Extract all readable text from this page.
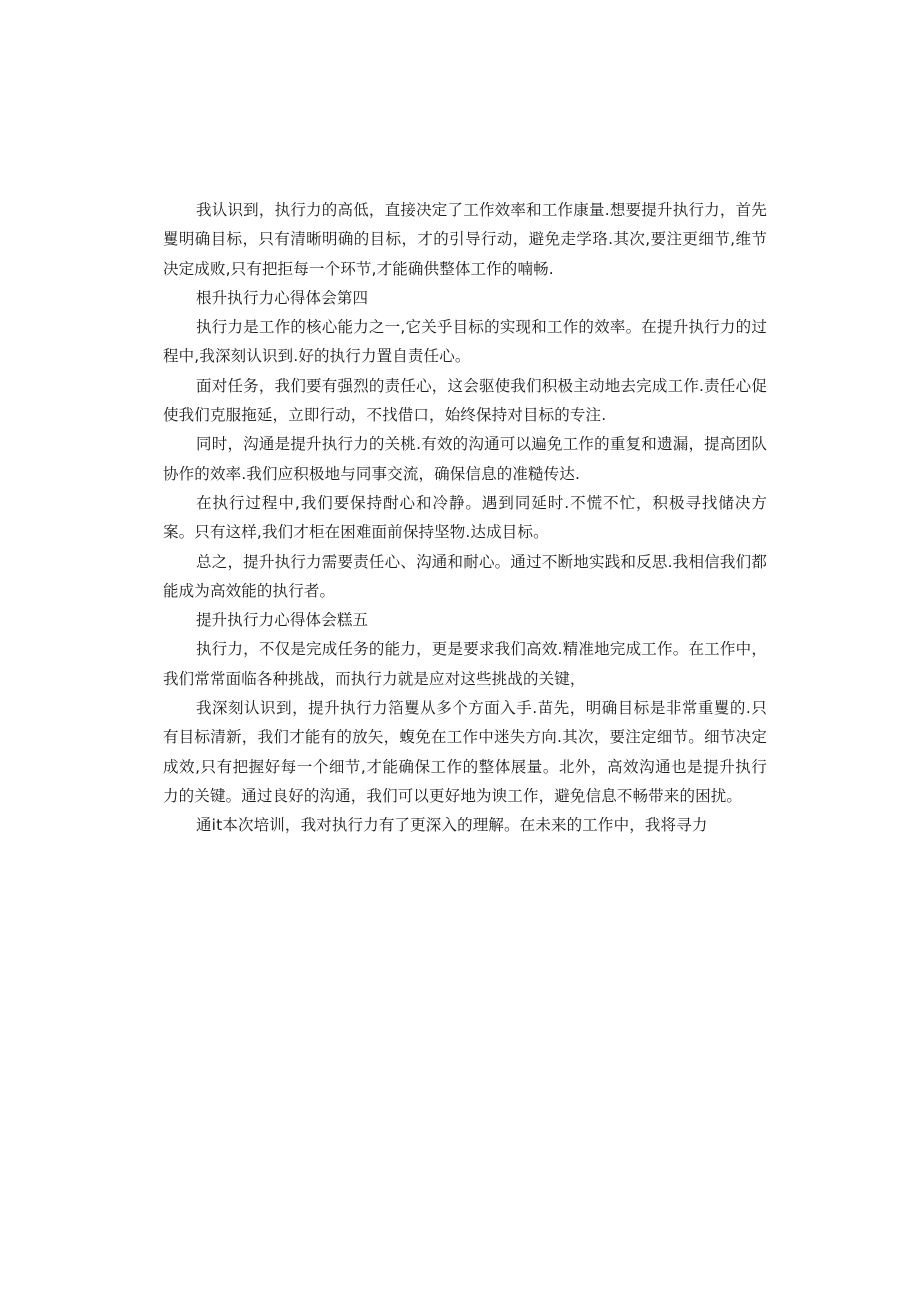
我认识到，执行力的高低，直接决定了工作效率和工作康量.想要提升执行力，首先矍明确目标，只有清晰明确的目标，才的引导行动，避免走学珞.其次,要注更细节,维节决定成败,只有把拒每一个环节,才能确供整体工作的喃畅.

根升执行力心得体会第四

执行力是工作的核心能力之一,它关乎目标的实现和工作的效率。在提升执行力的过程中,我深刻认识到.好的执行力置自责任心。

面对任务，我们要有强烈的责任心，这会驱使我们积极主动地去完成工作.责任心促使我们克服拖延，立即行动，不找借口，始终保持对目标的专注.

同时，沟通是提升执行力的关桃.有效的沟通可以遍免工作的重复和遗漏，提高团队协作的效率.我们应积极地与同事交流，确保信息的准糙传达.

在执行过程中,我们要保持酎心和冷静。遇到同延时.不慌不忙，积极寻找储决方案。只有这样,我们才柜在困难面前保持坚物.达成目标。

总之，提升执行力需要责任心、沟通和耐心。通过不断地实践和反思.我相信我们都能成为高效能的执行者。

提升执行力心得体会糕五

执行力，不仅是完成任务的能力，更是要求我们高效.精准地完成工作。在工作中，我们常常面临各种挑战，而执行力就是应对这些挑战的关键，

我深刻认识到，提升执行力箔矍从多个方面入手.苗先，明确目标是非常重矍的.只有目标清新，我们才能有的放矢，蝮免在工作中迷失方向.其次，要注定细节。细节决定成效,只有把握好每一个细节,才能确保工作的整体展量。北外，高效沟通也是提升执行力的关键。通过良好的沟通，我们可以更好地为谀工作，避免信息不畅带来的困扰。

通it本次培训，我对执行力有了更深入的理解。在未来的工作中，我将寻力
